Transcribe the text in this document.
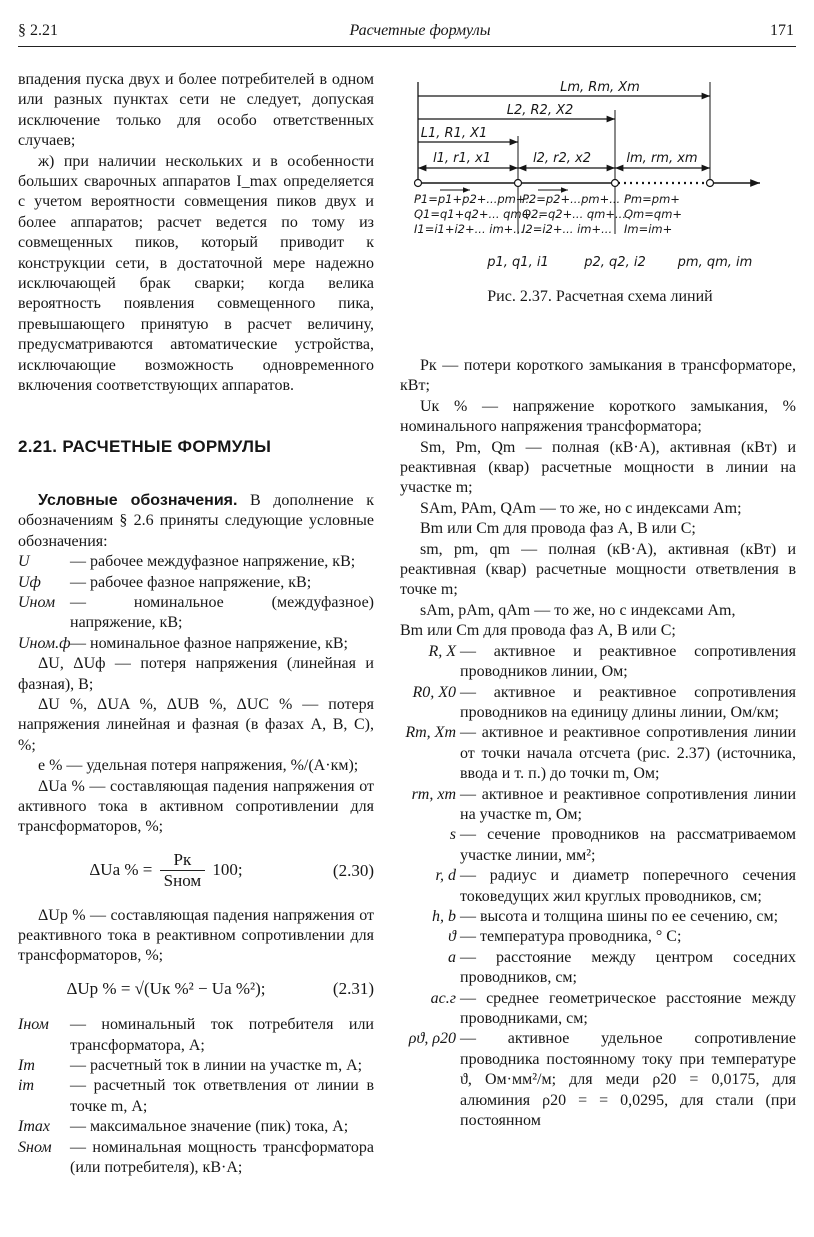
§ 2.21	Расчетные формулы	171

впадения пуска двух и более потребителей в одном или разных пунктах сети не следует, допуская исключение только для особо ответственных случаев;

ж) при наличии нескольких и в особенности больших сварочных аппаратов I_max определяется с учетом вероятности совмещения пиков двух и более аппаратов; расчет ведется по тому из совмещенных пиков, который приводит к конструкции сети, в достаточной мере надежно исключающей брак сварки; когда велика вероятность появления совмещенного пика, превышающего принятую в расчет величину, предусматриваются автоматические устройства, исключающие возможность одновременного включения соответствующих аппаратов.

2.21. РАСЧЕТНЫЕ ФОРМУЛЫ

Условные обозначения. В дополнение к обозначениям § 2.6 приняты следующие условные обозначения:

U	— рабочее междуфазное напряжение, кВ;
Uф	— рабочее фазное напряжение, кВ;
Uном — номинальное (междуфазное) напряжение, кВ;
Uном.ф — номинальное фазное напряжение, кВ;

ΔU, ΔUф — потеря напряжения (линейная и фазная), В;

ΔU %, ΔUA %, ΔUB %, ΔUC % — потеря напряжения линейная и фазная (в фазах A, B, C), %;

e % — удельная потеря напряжения, %/(А·км);

ΔUа % — составляющая падения напряжения от активного тока в активном сопротивлении для трансформаторов, %;

ΔUа % = $\frac{Pк}{\text{Sном}} 100$;	(2.30)

ΔUр % — составляющая падения напряжения от реактивного тока в реактивном сопротивлении для трансформаторов, %;

ΔUр % = √(Uк %² − Uа %²);	(2.31)
Iном	— номинальный ток потребителя или трансформатора, А;
Im	— расчетный ток в линии на участке m, А;
im	— расчетный ток ответвления от линии в точке m, А;
Imax	— максимальное значение (пик) тока, А;
Sном	— номинальная мощность трансформатора (или потребителя), кВ·А;
Lm, Rm, Xm
L2, R2, X2
L1, R1, X1
l1, r1, x1	l2, r2, x2	lm, rm, xm
P1=p1+p2+...pm+...
Q1=q1+q2+... qm+...
I1=i1+i2+... im+...
P2=p2+...pm+...
Q2=q2+... qm+...
I2=i2+... im+...
Pm=pm+
Qm=qm+
Im=im+
p1, q1, i1	p2, q2, i2 pm, qm, im
Рис. 2.37. Расчетная схема линий

Pк — потери короткого замыкания в трансформаторе, кВт;

Uк % — напряжение короткого замыкания, % номинального напряжения трансформатора;

Sm, Pm, Qm — полная (кВ·А), активная (кВт) и реактивная (квар) расчетные мощности в линии на участке m;

SAm, PAm, QAm — то же, но с индексами Am;

Bm или Cm для провода фаз A, B или C;

sm, pm, qm — полная (кВ·А), активная (кВт) и реактивная (квар) расчетные мощности ответвления в точке m;

sAm, pAm, qAm — то же, но с индексами Am,

Bm или Cm для провода фаз A, B или C;

R, X — активное и реактивное сопротивления проводников линии, Ом;
R0, X0 — активное и реактивное сопротивления проводников на единицу длины линии, Ом/км;
Rm, Xm — активное и реактивное сопротивления линии от точки начала отсчета (рис. 2.37) (источника, ввода и т. п.) до точки m, Ом;
rm, xm — активное и реактивное сопротивления линии на участке m, Ом;
s — сечение проводников на рассматриваемом участке линии, мм²;
r, d — радиус и диаметр поперечного сечения токоведущих жил круглых проводников, см;
h, b — высота и толщина шины по ее сечению, см;
ϑ — температура проводника, ° C;
a — расстояние между центром соседних проводников, см;
aс.г — среднее геометрическое расстояние между проводниками, см;
ρϑ, ρ20 — активное удельное сопротивление проводника постоянному току при температуре ϑ, Ом·мм²/м; для меди ρ20 = 0,0175, для алюминия ρ20 = = 0,0295, для стали (при постоянном
